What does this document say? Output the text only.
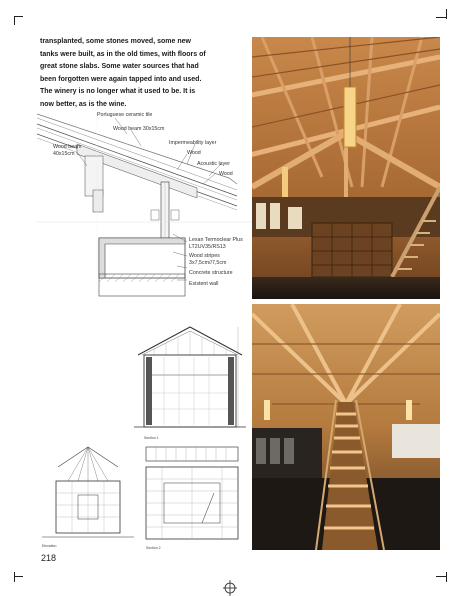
transplanted, some stones moved, some new
tanks were built, as in the old times, with floors of
great stone slabs. Some water sources that had
been forgotten were again tapped into and used.
The winery is no longer what it used to be. It is
now better, as is the wine.
Portuguese ceramic tile
Wood beam 30x15cm
Impermeability layer
Wood
Acoustic layer
Wood
Wood beam
40x15cm
Lexan Termoclear Plus
LT2UV35/RS13
Wood stripes
3x7,5cm//7,5cm
Concrete structure
Existent wall
Section 1
Section 2
Elevation
218
